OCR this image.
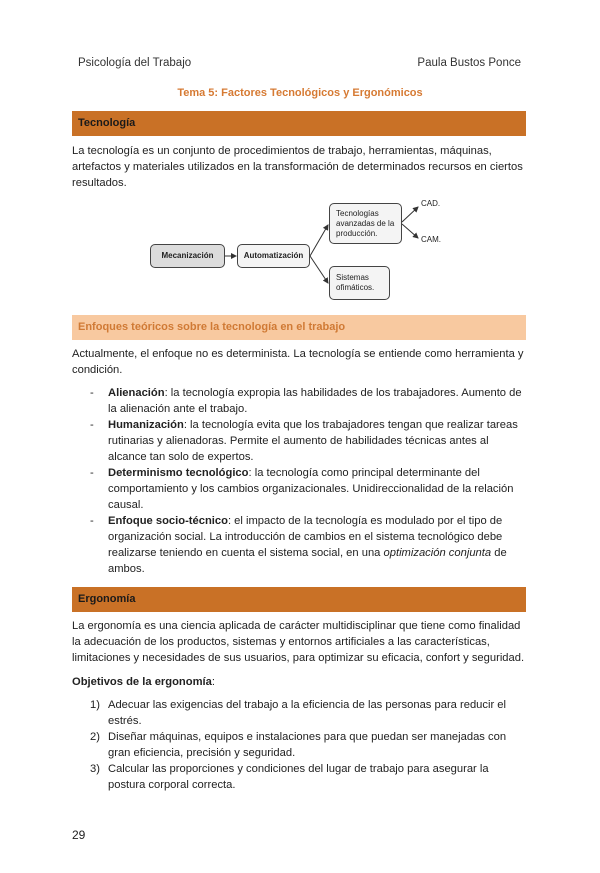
Psicología del Trabajo	Paula Bustos Ponce
Tema 5: Factores Tecnológicos y Ergonómicos
Tecnología
La tecnología es un conjunto de procedimientos de trabajo, herramientas, máquinas, artefactos y materiales utilizados en la transformación de determinados recursos en ciertos resultados.
Mecanización	Automatización
Tecnologías avanzadas de la producción.
Sistemas ofimáticos.
CAD.
CAM.
Enfoques teóricos sobre la tecnología en el trabajo
Actualmente, el enfoque no es determinista. La tecnología se entiende como herramienta y condición.
- Alienación: la tecnología expropia las habilidades de los trabajadores. Aumento de la alienación ante el trabajo.
- Humanización: la tecnología evita que los trabajadores tengan que realizar tareas rutinarias y alienadoras. Permite el aumento de habilidades técnicas antes al alcance tan solo de expertos.
- Determinismo tecnológico: la tecnología como principal determinante del comportamiento y los cambios organizacionales. Unidireccionalidad de la relación causal.
- Enfoque socio-técnico: el impacto de la tecnología es modulado por el tipo de organización social. La introducción de cambios en el sistema tecnológico debe realizarse teniendo en cuenta el sistema social, en una optimización conjunta de ambos.
Ergonomía
La ergonomía es una ciencia aplicada de carácter multidisciplinar que tiene como finalidad la adecuación de los productos, sistemas y entornos artificiales a las características, limitaciones y necesidades de sus usuarios, para optimizar su eficacia, confort y seguridad.
Objetivos de la ergonomía:
1) Adecuar las exigencias del trabajo a la eficiencia de las personas para reducir el estrés.
2) Diseñar máquinas, equipos e instalaciones para que puedan ser manejadas con gran eficiencia, precisión y seguridad.
3) Calcular las proporciones y condiciones del lugar de trabajo para asegurar la postura corporal correcta.
29
